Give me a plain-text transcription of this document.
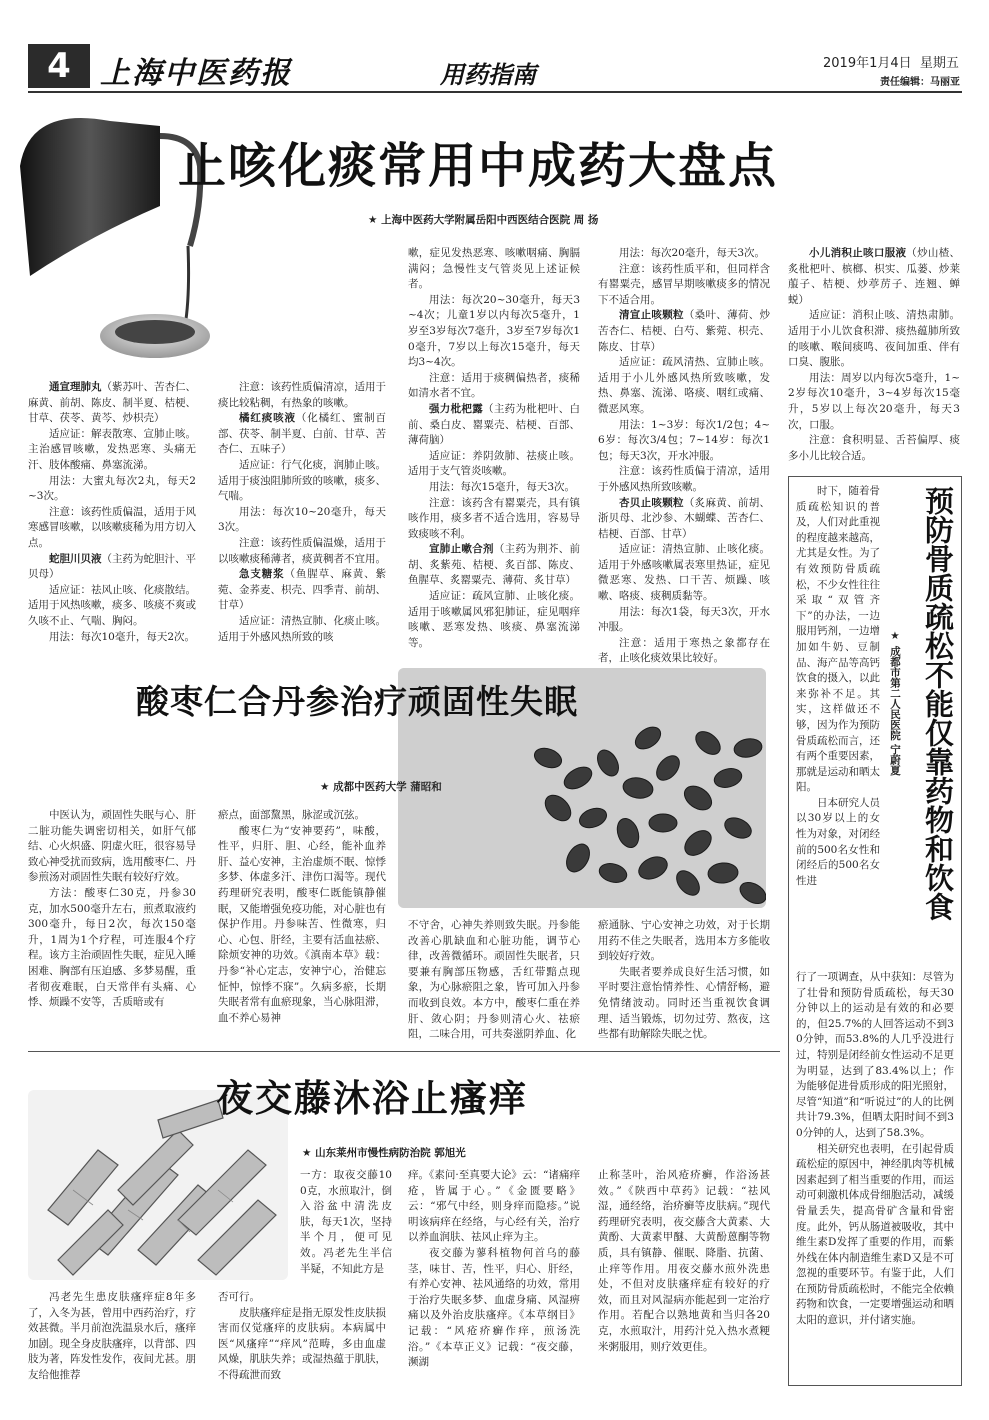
4 上海中医药报	用药指南	2019年1月4日 星期五
责任编辑：马丽亚
止咳化痰常用中成药大盘点
★ 上海中医药大学附属岳阳中西医结合医院 周 扬

通宣理肺丸（紫苏叶、苦杏仁、麻黄、前胡、陈皮、制半夏、桔梗、甘草、茯苓、黄芩、炒枳壳）

适应证：解表散寒、宣肺止咳。主治感冒咳嗽，发热恶寒、头痛无汗、肢体酸痛、鼻塞流涕。

用法：大蜜丸每次2丸，每天2~3次。

注意：该药性质偏温，适用于风寒感冒咳嗽，以咳嗽痰稀为用方切入点。

蛇胆川贝液（主药为蛇胆汁、平贝母）

适应证：祛风止咳、化痰散结。适用于风热咳嗽，痰多、咳痰不爽或久咳不止、气喘、胸闷。

用法：每次10毫升，每天2次。

注意：该药性质偏清凉，适用于痰比较粘稠，有热象的咳嗽。

橘红痰咳液（化橘红、蜜制百部、茯苓、制半夏、白前、甘草、苦杏仁、五味子）

适应证：行气化痰，润肺止咳。适用于痰浊阻肺所致的咳嗽，痰多、气喘。

用法：每次10~20毫升，每天3次。

注意：该药性质偏温燥，适用于以咳嗽痰稀薄者，痰黄稠者不宜用。

急支糖浆（鱼腥草、麻黄、紫菀、金荞麦、枳壳、四季青、前胡、甘草）

适应证：清热宣肺、化痰止咳。适用于外感风热所致的咳

嗽，症见发热恶寒、咳嗽咽痛、胸膈满闷；急慢性支气管炎见上述证候者。

用法：每次20~30毫升，每天3~4次；儿童1岁以内每次5毫升，1岁至3岁每次7毫升，3岁至7岁每次10毫升，7岁以上每次15毫升，每天均3~4次。

注意：适用于痰稠偏热者，痰稀如清水者不宜。

强力枇杷露（主药为枇杷叶、白前、桑白皮、罂粟壳、桔梗、百部、薄荷脑）

适应证：养阴敛肺、祛痰止咳。适用于支气管炎咳嗽。

用法：每次15毫升，每天3次。

注意：该药含有罂粟壳，具有镇咳作用，痰多者不适合选用，容易导致痰咳不利。

宣肺止嗽合剂（主药为荆芥、前胡、炙紫苑、桔梗、炙百部、陈皮、鱼腥草、炙罂粟壳、薄荷、炙甘草）

适应证：疏风宣肺、止咳化痰。适用于咳嗽属风邪犯肺证，症见咽痒咳嗽、恶寒发热、咳痰、鼻塞流涕等。

用法：每次20毫升，每天3次。

注意：该药性质平和，但同样含有罂粟壳，感冒早期咳嗽痰多的情况下不适合用。

清宣止咳颗粒（桑叶、薄荷、炒苦杏仁、桔梗、白芍、紫菀、枳壳、陈皮、甘草）

适应证：疏风清热、宣肺止咳。适用于小儿外感风热所致咳嗽，发热、鼻塞、流涕、咯痰、咽红或痛、微恶风寒。

用法：1~3岁：每次1/2包；4~6岁：每次3/4包；7~14岁：每次1包；每天3次，开水冲服。

注意：该药性质偏于清凉，适用于外感风热所致咳嗽。

杏贝止咳颗粒（炙麻黄、前胡、浙贝母、北沙参、木蝴蝶、苦杏仁、桔梗、百部、甘草）

适应证：清热宣肺、止咳化痰。适用于外感咳嗽属表寒里热证，症见微恶寒、发热、口干苦、烦躁、咳嗽、咯痰、痰稠质黏等。

用法：每次1袋，每天3次，开水冲服。

注意：适用于寒热之象都存在者，止咳化痰效果比较好。

小儿消积止咳口服液（炒山楂、炙枇杷叶、槟榔、枳实、瓜蒌、炒莱菔子、桔梗、炒葶苈子、连翘、蝉蜕）

适应证：消积止咳、清热肃肺。适用于小儿饮食积滞、痰热蕴肺所致的咳嗽、喉间痰鸣、夜间加重、伴有口臭、腹胀。

用法：周岁以内每次5毫升，1~2岁每次10毫升，3~4岁每次15毫升，5岁以上每次20毫升，每天3次，口服。

注意：食积明显、舌苔偏厚、痰多小儿比较合适。

时下，随着骨质疏松知识的普及，人们对此重视的程度越来越高，尤其是女性。为了有效预防骨质疏松，不少女性往往采取“双管齐下”的办法，一边服用钙剂，一边增加如牛奶、豆制品、海产品等高钙饮食的摄入，以此来弥补不足。其实，这样做还不够，因为作为预防骨质疏松而言，还有两个重要因素，那就是运动和晒太阳。

日本研究人员以30岁以上的女性为对象，对闭经前的500名女性和闭经后的500名女性进	预防骨质疏松不能仅靠药物和饮食
★ 成都市第二人民医院 宁蔚夏

行了一项调查，从中获知：尽管为了壮骨和预防骨质疏松，每天30分钟以上的运动是有效的和必要的，但25.7%的人回答运动不到30分钟，而53.8%的人几乎没进行过，特别是闭经前女性运动不足更为明显，达到了83.4%以上；作为能够促进骨质形成的阳光照射，尽管“知道”和“听说过”的人的比例共计79.3%，但晒太阳时间不到30分钟的人，达到了58.3%。

相关研究也表明，在引起骨质疏松症的原因中，神经肌肉等机械因素起到了相当重要的作用，而运动可刺激机体成骨细胞活动，减缓骨量丢失，提高骨矿含量和骨密度。此外，钙从肠道被吸收，其中维生素D发挥了重要的作用，而紫外线在体内制造维生素D又是不可忽视的重要环节。有鉴于此，人们在预防骨质疏松时，不能完全依赖药物和饮食，一定要增强运动和晒太阳的意识，并付诸实施。

酸枣仁合丹参治疗顽固性失眠
★ 成都中医药大学 蒲昭和

中医认为，顽固性失眠与心、肝二脏功能失调密切相关，如肝气郁结、心火炽盛、阴虚火旺，很容易导致心神受扰而致病，选用酸枣仁、丹参煎汤对顽固性失眠有较好疗效。

方法：酸枣仁30克，丹参30克，加水500毫升左右，煎煮取液约300毫升，每日2次，每次150毫升，1周为1个疗程，可连服4个疗程。该方主治顽固性失眠，症见入睡困难、胸部有压迫感、多梦易醒，重者彻夜难眠，白天常伴有头痛、心悸、烦躁不安等，舌质暗或有

瘀点，面部黧黑，脉涩或沉弦。

酸枣仁为“安神要药”，味酸，性平，归肝、胆、心经，能补血养肝、益心安神，主治虚烦不眠、惊悸多梦、体虚多汗、津伤口渴等。现代药理研究表明，酸枣仁既能镇静催眠，又能增强免疫功能，对心脏也有保护作用。丹参味苦、性微寒，归心、心包、肝经，主要有活血祛瘀、除烦安神的功效。《滇南本草》载：丹参“补心定志，安神宁心，治健忘怔忡，惊悸不寐”。久病多瘀，长期失眠者常有血瘀现象，当心脉阻滞，血不养心易神

不守舍，心神失养则致失眠。丹参能改善心肌缺血和心脏功能，调节心律，改善微循环。顽固性失眠者，只要兼有胸部压物感，舌红带黯点现象，为心脉瘀阻之象，皆可加入丹参而收到良效。本方中，酸枣仁重在养肝、敛心阴；丹参则清心火、祛瘀阻，二味合用，可共奏滋阴养血、化

瘀通脉、宁心安神之功效，对于长期用药不佳之失眠者，选用本方多能收到较好疗效。

失眠者要养成良好生活习惯，如平时要注意怡情养性、心情舒畅，避免情绪波动。同时还当重视饮食调理、适当锻炼，切勿过劳、熬夜，这些都有助解除失眠之忧。

夜交藤沐浴止瘙痒
★ 山东莱州市慢性病防治院 郭旭光

一方：取夜交藤100克，水煎取汁，倒入浴盆中清洗皮肤，每天1次，坚持半个月，便可见效。冯老先生半信半疑，不知此方是

冯老先生患皮肤瘙痒症8年多了，入冬为甚，曾用中西药治疗，疗效甚微。半月前泡洗温泉水后，瘙痒加剧。现全身皮肤瘙痒，以背部、四肢为著，阵发性发作，夜间尤甚。朋友给他推荐

否可行。

皮肤瘙痒症是指无原发性皮肤损害而仅觉瘙痒的皮肤病。本病属中医“风瘙痒”“痒风”范畴，多由血虚风燥，肌肤失养；或湿热蕴于肌肤，不得疏泄而致

痒。《素问·至真要大论》云：“诸痛痒疮，皆属于心。”《金匮要略》云：“邪气中经，则身痒而隐疹。”说明该病痒在经络，与心经有关，治疗以养血润肤、祛风止痒为主。

夜交藤为蓼科植物何首乌的藤茎，味甘、苦，性平，归心、肝经，有养心安神、祛风通络的功效，常用于治疗失眠多梦、血虚身痛、风湿痹痛以及外治皮肤瘙痒。《本草纲目》记载：“风疮疥癣作痒，煎汤洗浴。”《本草正义》记载：“夜交藤，濒湖

止称茎叶，治风疮疥癣，作浴汤甚效。”《陕西中草药》记载：“祛风湿，通经络，治疥癣等皮肤病。”现代药理研究表明，夜交藤含大黄素、大黄酚、大黄素甲醚、大黄酚蒽酮等物质，具有镇静、催眠、降脂、抗菌、止痒等作用。用夜交藤水煎外洗患处，不但对皮肤瘙痒症有较好的疗效，而且对风湿病亦能起到一定治疗作用。若配合以熟地黄和当归各20克，水煎取汁，用药汁兑入热水煮粳米粥服用，则疗效更佳。
